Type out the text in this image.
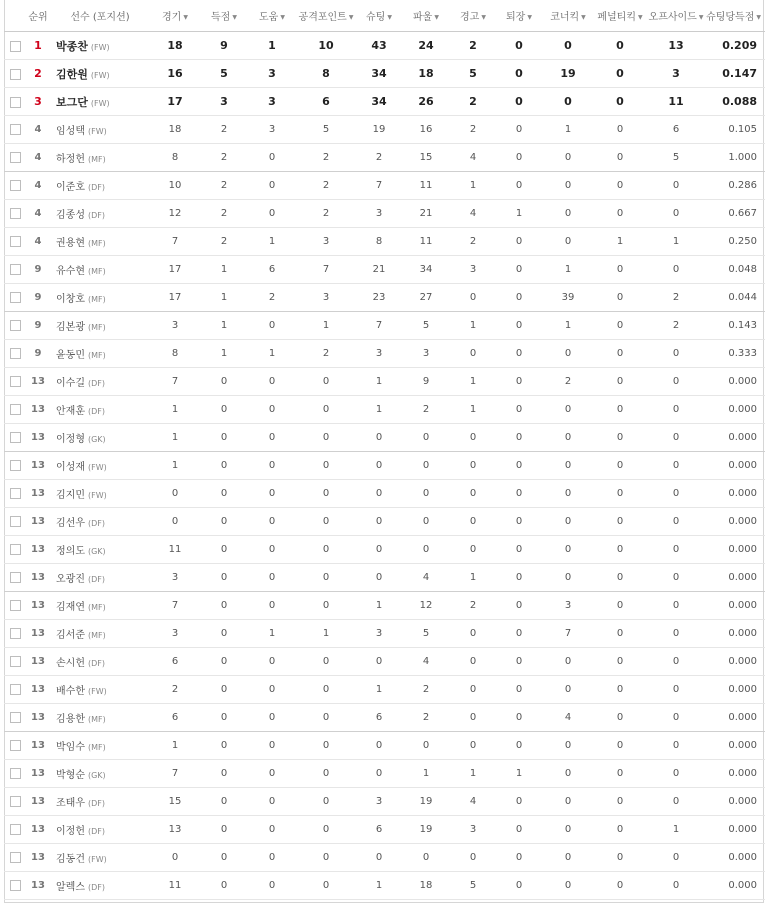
	순위	선수 (포지션)	경기 ▼	득점 ▼	도움 ▼	공격포인트 ▼	슈팅 ▼	파울 ▼	경고 ▼	퇴장 ▼	코너킥 ▼	페널티킥 ▼	오프사이드 ▼	슈팅당득점 ▼
	1	박종찬 (FW)	18	9	1	10	43	24	2	0	0	0	13	0.209
	2	김한원 (FW)	16	5	3	8	34	18	5	0	19	0	3	0.147
	3	보그단 (FW)	17	3	3	6	34	26	2	0	0	0	11	0.088
	4	임성택 (FW)	18	2	3	5	19	16	2	0	1	0	6	0.105
	4	하정헌 (MF)	8	2	0	2	2	15	4	0	0	0	5	1.000
	4	이준호 (DF)	10	2	0	2	7	11	1	0	0	0	0	0.286
	4	김종성 (DF)	12	2	0	2	3	21	4	1	0	0	0	0.667
	4	권용현 (MF)	7	2	1	3	8	11	2	0	0	1	1	0.250
	9	유수현 (MF)	17	1	6	7	21	34	3	0	1	0	0	0.048
	9	이창호 (MF)	17	1	2	3	23	27	0	0	39	0	2	0.044
	9	김본광 (MF)	3	1	0	1	7	5	1	0	1	0	2	0.143
	9	윤동민 (MF)	8	1	1	2	3	3	0	0	0	0	0	0.333
	13	이수길 (DF)	7	0	0	0	1	9	1	0	2	0	0	0.000
	13	안재훈 (DF)	1	0	0	0	1	2	1	0	0	0	0	0.000
	13	이정형 (GK)	1	0	0	0	0	0	0	0	0	0	0	0.000
	13	이성재 (FW)	1	0	0	0	0	0	0	0	0	0	0	0.000
	13	김지민 (FW)	0	0	0	0	0	0	0	0	0	0	0	0.000
	13	김선우 (DF)	0	0	0	0	0	0	0	0	0	0	0	0.000
	13	정의도 (GK)	11	0	0	0	0	0	0	0	0	0	0	0.000
	13	오광진 (DF)	3	0	0	0	0	4	1	0	0	0	0	0.000
	13	김재연 (MF)	7	0	0	0	1	12	2	0	3	0	0	0.000
	13	김서준 (MF)	3	0	1	1	3	5	0	0	7	0	0	0.000
	13	손시헌 (DF)	6	0	0	0	0	4	0	0	0	0	0	0.000
	13	배수한 (FW)	2	0	0	0	1	2	0	0	0	0	0	0.000
	13	김용한 (MF)	6	0	0	0	6	2	0	0	4	0	0	0.000
	13	박임수 (MF)	1	0	0	0	0	0	0	0	0	0	0	0.000
	13	박형순 (GK)	7	0	0	0	0	1	1	1	0	0	0	0.000
	13	조태우 (DF)	15	0	0	0	3	19	4	0	0	0	0	0.000
	13	이정헌 (DF)	13	0	0	0	6	19	3	0	0	0	1	0.000
	13	김동건 (FW)	0	0	0	0	0	0	0	0	0	0	0	0.000
	13	알렉스 (DF)	11	0	0	0	1	18	5	0	0	0	0	0.000
